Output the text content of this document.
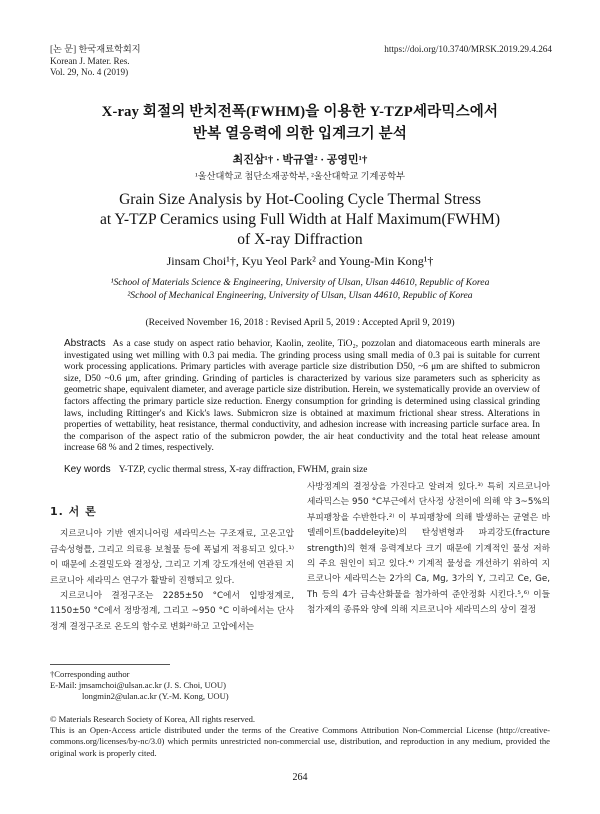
[논 문] 한국재료학회지
Korean J. Mater. Res.
Vol. 29, No. 4 (2019)
https://doi.org/10.3740/MRSK.2019.29.4.264
X-ray 회절의 반치전폭(FWHM)을 이용한 Y-TZP세라믹스에서
반복 열응력에 의한 입계크기 분석
최진삼¹† · 박규열² · 공영민¹†
¹울산대학교 첨단소재공학부, ²울산대학교 기계공학부
Grain Size Analysis by Hot-Cooling Cycle Thermal Stress
at Y-TZP Ceramics using Full Width at Half Maximum(FWHM)
of X-ray Diffraction
Jinsam Choi¹†, Kyu Yeol Park² and Young-Min Kong¹†
¹School of Materials Science & Engineering, University of Ulsan, Ulsan 44610, Republic of Korea
²School of Mechanical Engineering, University of Ulsan, Ulsan 44610, Republic of Korea
(Received November 16, 2018 : Revised April 5, 2019 : Accepted April 9, 2019)
Abstracts As a case study on aspect ratio behavior, Kaolin, zeolite, TiO₂, pozzolan and diatomaceous earth minerals are investigated using wet milling with 0.3 pai media. The grinding process using small media of 0.3 pai is suitable for current work processing applications. Primary particles with average particle size distribution D50, ~6 μm are shifted to submicron size, D50 ~0.6 μm, after grinding. Grinding of particles is characterized by various size parameters such as sphericity as geometric shape, equivalent diameter, and average particle size distribution. Herein, we systematically provide an overview of factors affecting the primary particle size reduction. Energy consumption for grinding is determined using classical grinding laws, including Rittinger's and Kick's laws. Submicron size is obtained at maximum frictional shear stress. Alterations in properties of wettability, heat resistance, thermal conductivity, and adhesion increase with increasing particle surface area. In the comparison of the aspect ratio of the submicron powder, the air heat conductivity and the total heat release amount increase 68 % and 2 times, respectively.
Key words Y-TZP, cyclic thermal stress, X-ray diffraction, FWHM, grain size
1. 서 론

지르코니아 기반 엔지니어링 세라믹스는 구조재료, 고온고압 금속성형틀, 그리고 의료용 보철물 등에 폭넓게 적용되고 있다.¹⁾ 이 때문에 소결밀도와 결정상, 그리고 기계 강도개선에 연관된 지르코니아 세라믹스 연구가 활발히 진행되고 있다.

지르코니아 결정구조는 2285±50 °C에서 입방정계로, 1150±50 °C에서 정방정계, 그리고 ~950 °C 이하에서는 단사정계 결정구조로 온도의 함수로 변화²⁾하고 고압에서는

사방정계의 결정상을 가진다고 알려져 있다.³⁾ 특히 지르코니아 세라믹스는 950 °C부근에서 단사정 상전이에 의해 약 3~5%의 부피팽창을 수반한다.²⁾ 이 부피팽창에 의해 발생하는 균열은 바델레이트(baddeleyite)의 탄성변형과 파괴강도(fracture strength)의 현재 응력계보다 크기 때문에 기계적인 물성 저하의 주요 원인이 되고 있다.⁴⁾ 기계적 물성을 개선하기 위하여 지르코니아 세라믹스는 2가의 Ca, Mg, 3가의 Y, 그리고 Ce, Ge, Th 등의 4가 금속산화물을 첨가하여 준안정화 시킨다.⁵,⁶⁾ 이들 첨가제의 종류와 양에 의해 지르코니아 세라믹스의 상이 결정

†Corresponding author
E-Mail: jmsamchoi@ulsan.ac.kr (J. S. Choi, UOU)
longmin2@ulan.ac.kr (Y.-M. Kong, UOU)
© Materials Research Society of Korea, All rights reserved.
This is an Open-Access article distributed under the terms of the Creative Commons Attribution Non-Commercial License (http://creative-commons.org/licenses/by-nc/3.0) which permits unrestricted non-commercial use, distribution, and reproduction in any medium, provided the original work is properly cited.
264
